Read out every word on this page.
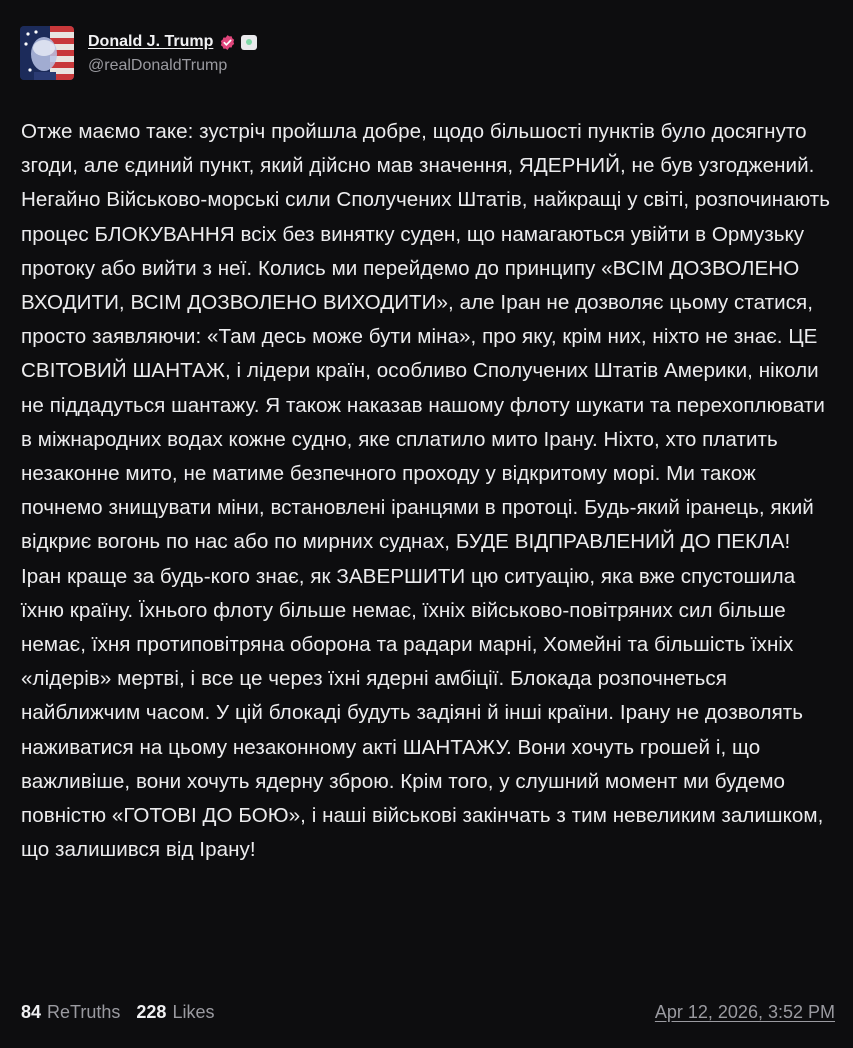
Donald J. Trump
@realDonaldTrump

Отже маємо таке: зустріч пройшла добре, щодо більшості пунктів було досягнуто згоди, але єдиний пункт, який дійсно мав значення, ЯДЕРНИЙ, не був узгоджений. Негайно Військово-морські сили Сполучених Штатів, найкращі у світі, розпочинають процес БЛОКУВАННЯ всіх без винятку суден, що намагаються увійти в Ормузьку протоку або вийти з неї. Колись ми перейдемо до принципу «ВСІМ ДОЗВОЛЕНО ВХОДИТИ, ВСІМ ДОЗВОЛЕНО ВИХОДИТИ», але Іран не дозволяє цьому статися, просто заявляючи: «Там десь може бути міна», про яку, крім них, ніхто не знає. ЦЕ СВІТОВИЙ ШАНТАЖ, і лідери країн, особливо Сполучених Штатів Америки, ніколи не піддадуться шантажу. Я також наказав нашому флоту шукати та перехоплювати в міжнародних водах кожне судно, яке сплатило мито Ірану. Ніхто, хто платить незаконне мито, не матиме безпечного проходу у відкритому морі. Ми також почнемо знищувати міни, встановлені іранцями в протоці. Будь-який іранець, який відкриє вогонь по нас або по мирних суднах, БУДЕ ВІДПРАВЛЕНИЙ ДО ПЕКЛА! Іран краще за будь-кого знає, як ЗАВЕРШИТИ цю ситуацію, яка вже спустошила їхню країну. Їхнього флоту більше немає, їхніх військово-повітряних сил більше немає, їхня протиповітряна оборона та радари марні, Хомейні та більшість їхніх «лідерів» мертві, і все це через їхні ядерні амбіції. Блокада розпочнеться найближчим часом. У цій блокаді будуть задіяні й інші країни. Ірану не дозволять наживатися на цьому незаконному акті ШАНТАЖУ. Вони хочуть грошей і, що важливіше, вони хочуть ядерну зброю. Крім того, у слушний момент ми будемо повністю «ГОТОВІ ДО БОЮ», і наші військові закінчать з тим невеликим залишком, що залишився від Ірану!

84 ReTruths 228 Likes	Apr 12, 2026, 3:52 PM
